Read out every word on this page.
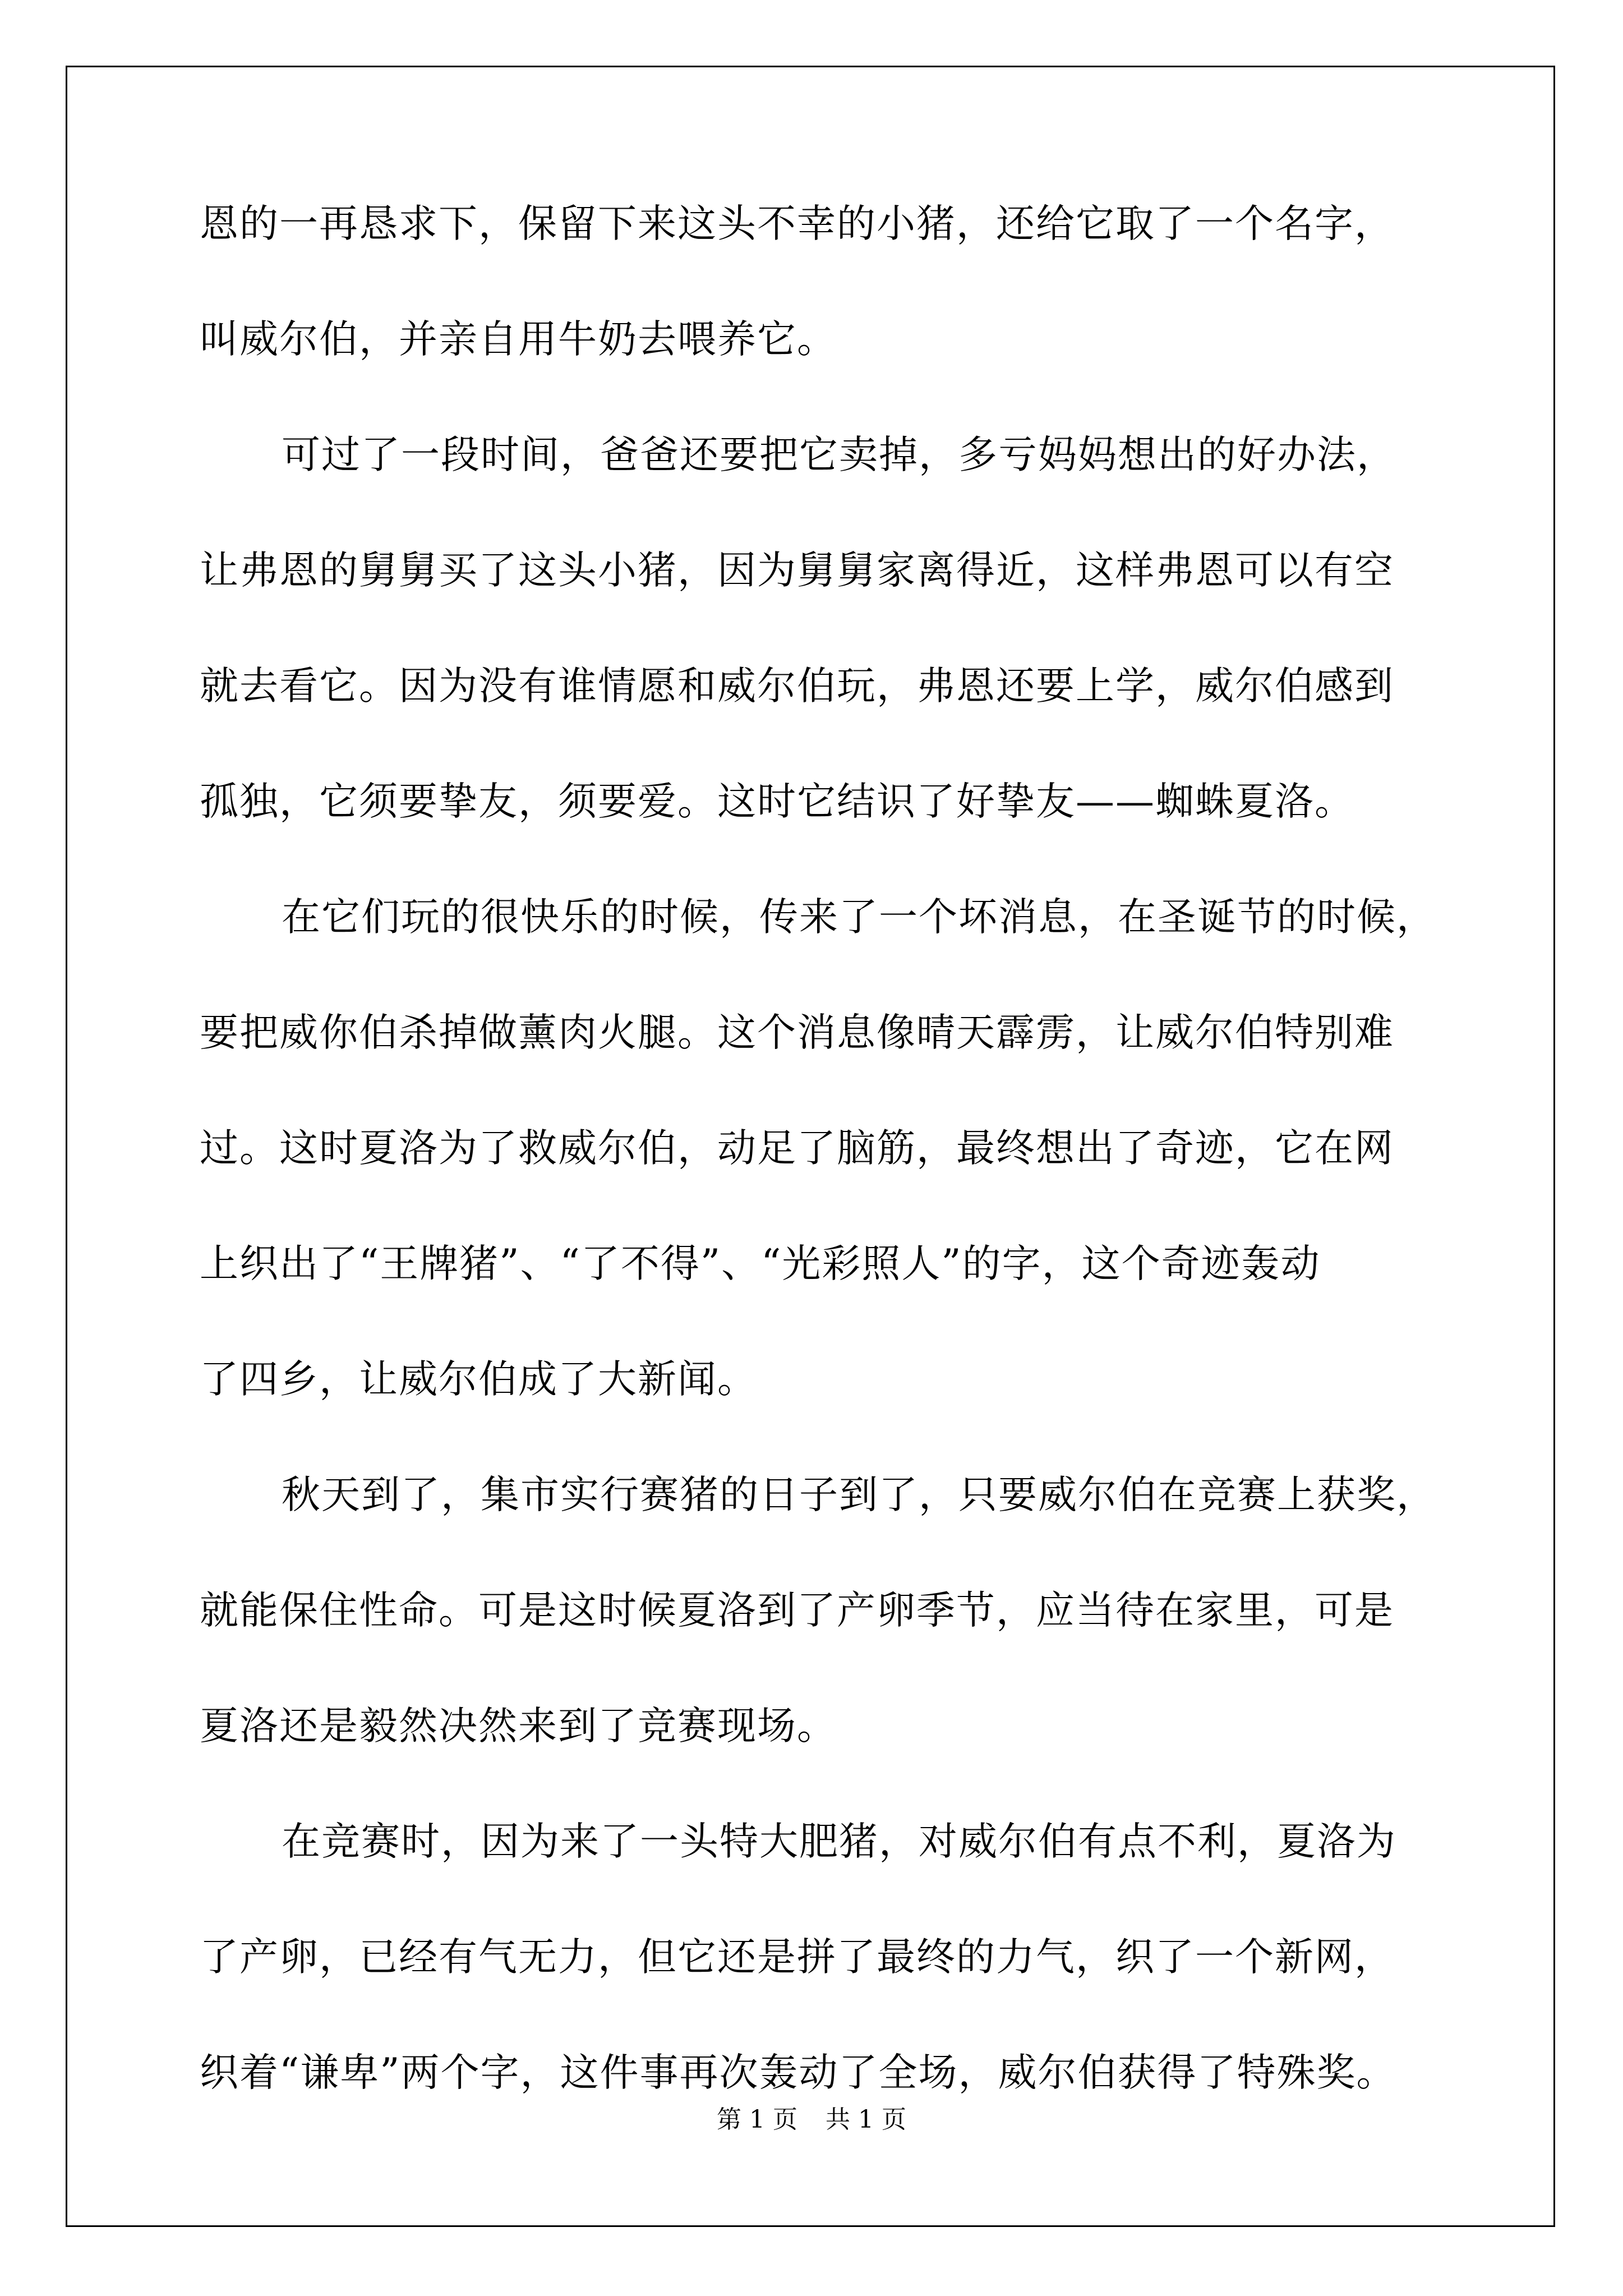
恩的一再恳求下，保留下来这头不幸的小猪，还给它取了一个名字，

叫威尔伯，并亲自用牛奶去喂养它。

可过了一段时间，爸爸还要把它卖掉，多亏妈妈想出的好办法，

让弗恩的舅舅买了这头小猪，因为舅舅家离得近，这样弗恩可以有空

就去看它。因为没有谁情愿和威尔伯玩，弗恩还要上学，威尔伯感到

孤独，它须要挚友，须要爱。这时它结识了好挚友——蜘蛛夏洛。

在它们玩的很快乐的时候，传来了一个坏消息，在圣诞节的时候，

要把威你伯杀掉做薰肉火腿。这个消息像晴天霹雳，让威尔伯特别难

过。这时夏洛为了救威尔伯，动足了脑筋，最终想出了奇迹，它在网

上织出了“王牌猪”、“了不得”、“光彩照人”的字，这个奇迹轰动

了四乡，让威尔伯成了大新闻。

秋天到了，集市实行赛猪的日子到了，只要威尔伯在竞赛上获奖，

就能保住性命。可是这时候夏洛到了产卵季节，应当待在家里，可是

夏洛还是毅然决然来到了竞赛现场。

在竞赛时，因为来了一头特大肥猪，对威尔伯有点不利，夏洛为

了产卵，已经有气无力，但它还是拼了最终的力气，织了一个新网，

织着“谦卑”两个字，这件事再次轰动了全场，威尔伯获得了特殊奖。

第 1 页 共 1 页
